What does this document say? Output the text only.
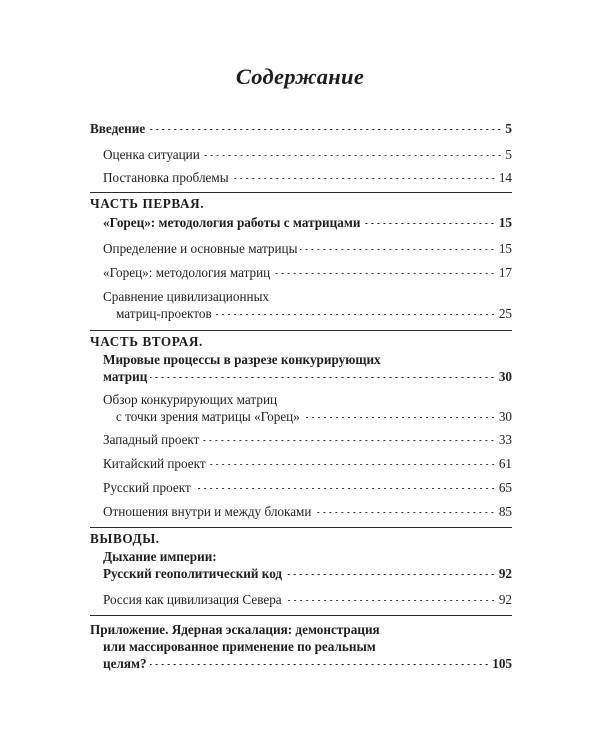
Содержание
Введение	5
Оценка ситуации	5
Постановка проблемы	14
ЧАСТЬ ПЕРВАЯ.
«Горец»: методология работы с матрицами	15
Определение и основные матрицы	15
«Горец»: методология матриц	17
Сравнение цивилизационных
матриц-проектов	25
ЧАСТЬ ВТОРАЯ.
Мировые процессы в разрезе конкурирующих
матриц	30
Обзор конкурирующих матриц
с точки зрения матрицы «Горец»	30
Западный проект	33
Китайский проект	61
Русский проект	65
Отношения внутри и между блоками	85
ВЫВОДЫ.
Дыхание империи:
Русский геополитический код	92
Россия как цивилизация Севера	92
Приложение. Ядерная эскалация: демонстрация
или массированное применение по реальным
целям?	105
